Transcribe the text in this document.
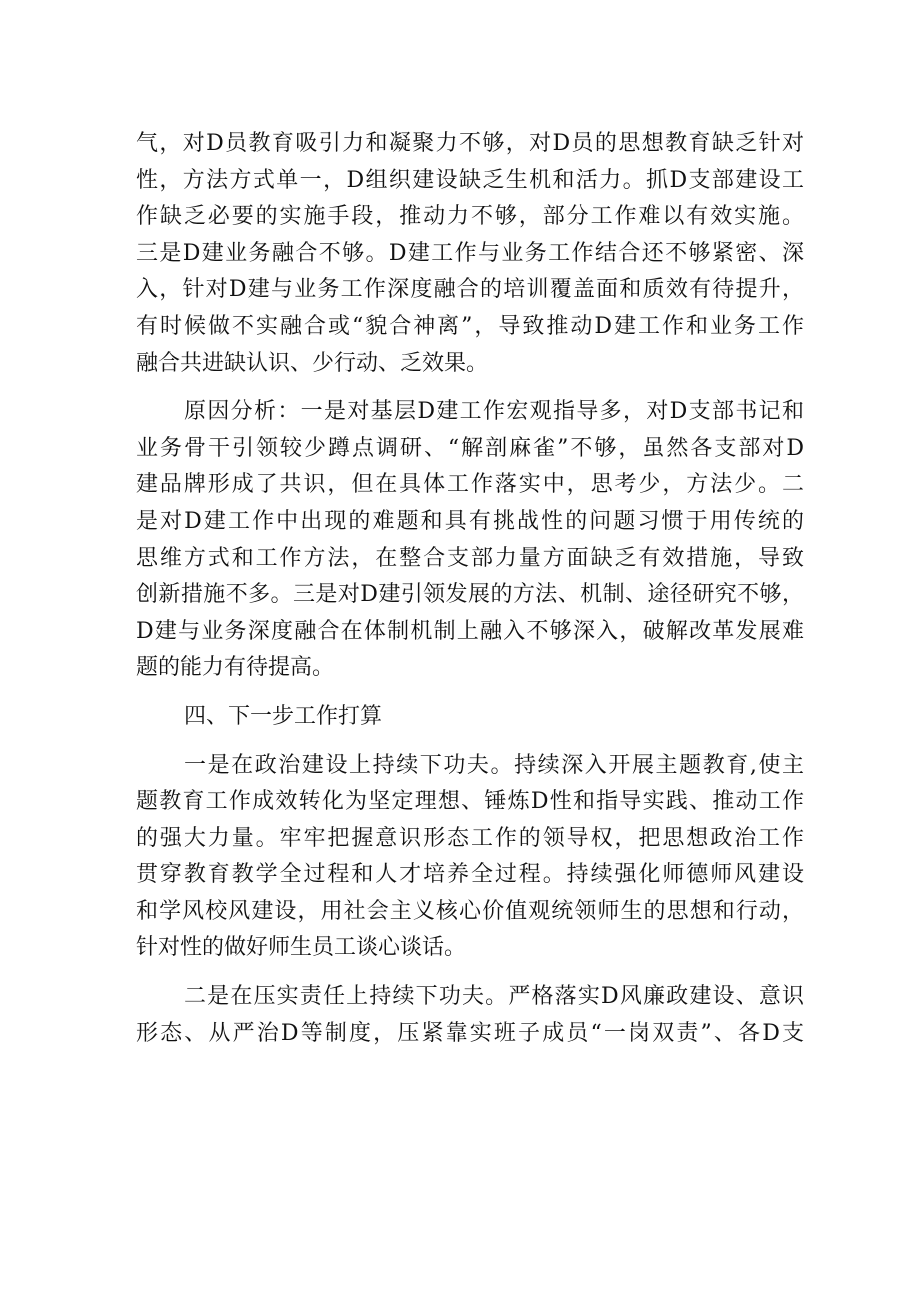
气，对D员教育吸引力和凝聚力不够，对D员的思想教育缺乏针对
性，方法方式单一，D组织建设缺乏生机和活力。抓D支部建设工
作缺乏必要的实施手段，推动力不够，部分工作难以有效实施。
三是D建业务融合不够。D建工作与业务工作结合还不够紧密、深
入，针对D建与业务工作深度融合的培训覆盖面和质效有待提升，
有时候做不实融合或“貌合神离”，导致推动D建工作和业务工作
融合共进缺认识、少行动、乏效果。
原因分析：一是对基层D建工作宏观指导多，对D支部书记和
业务骨干引领较少蹲点调研、“解剖麻雀”不够，虽然各支部对D
建品牌形成了共识，但在具体工作落实中，思考少，方法少。二
是对D建工作中出现的难题和具有挑战性的问题习惯于用传统的
思维方式和工作方法，在整合支部力量方面缺乏有效措施，导致
创新措施不多。三是对D建引领发展的方法、机制、途径研究不够，
D建与业务深度融合在体制机制上融入不够深入，破解改革发展难
题的能力有待提高。
四、下一步工作打算
一是在政治建设上持续下功夫。持续深入开展主题教育,使主
题教育工作成效转化为坚定理想、锤炼D性和指导实践、推动工作
的强大力量。牢牢把握意识形态工作的领导权，把思想政治工作
贯穿教育教学全过程和人才培养全过程。持续强化师德师风建设
和学风校风建设，用社会主义核心价值观统领师生的思想和行动，
针对性的做好师生员工谈心谈话。
二是在压实责任上持续下功夫。严格落实D风廉政建设、意识
形态、从严治D等制度，压紧靠实班子成员“一岗双责”、各D支
